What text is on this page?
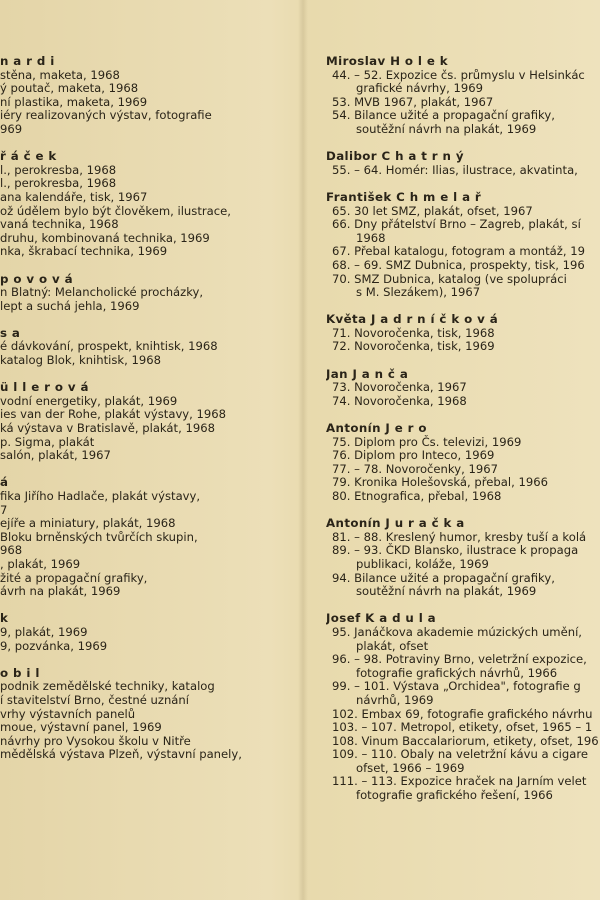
n a r d i
stěna, maketa, 1968
ý poutač, maketa, 1968
ní plastika, maketa, 1969
iéry realizovaných výstav, fotografie
969
ř á č e k
l., perokresba, 1968
l., perokresba, 1968
ana kalendáře, tisk, 1967
ož údělem bylo být člověkem, ilustrace,
vaná technika, 1968
druhu, kombinovaná technika, 1969
nka, škrabací technika, 1969
p o v o v á
n Blatný: Melancholické procházky,
lept a suchá jehla, 1969
s a
é dávkování, prospekt, knihtisk, 1968
katalog Blok, knihtisk, 1968
ü l l e r o v á
vodní energetiky, plakát, 1969
ies van der Rohe, plakát výstavy, 1968
ká výstava v Bratislavě, plakát, 1968
p. Sigma, plakát
salón, plakát, 1967
á
fika Jiřího Hadlače, plakát výstavy,
7
ejíře a miniatury, plakát, 1968
Bloku brněnských tvůrčích skupin,
968
, plakát, 1969
žité a propagační grafiky,
ávrh na plakát, 1969
k
9, plakát, 1969
9, pozvánka, 1969
o b i l
podnik zemědělské techniky, katalog
í stavitelství Brno, čestné uznání
vrhy výstavních panelů
moue, výstavní panel, 1969
návrhy pro Vysokou školu v Nitře
mědělská výstava Plzeň, výstavní panely,
Miroslav H o l e k
44. – 52. Expozice čs. průmyslu v Helsinkác
grafické návrhy, 1969
53. MVB 1967, plakát, 1967
54. Bilance užité a propagační grafiky,
soutěžní návrh na plakát, 1969
Dalibor C h a t r n ý
55. – 64. Homér: Ilias, ilustrace, akvatinta,
František C h m e l a ř
65. 30 let SMZ, plakát, ofset, 1967
66. Dny přátelství Brno – Zagreb, plakát, sí
1968
67. Přebal katalogu, fotogram a montáž, 19
68. – 69. SMZ Dubnica, prospekty, tisk, 196
70. SMZ Dubnica, katalog (ve spolupráci
s M. Slezákem), 1967
Květa J a d r n í č k o v á
71. Novoročenka, tisk, 1968
72. Novoročenka, tisk, 1969
Jan J a n č a
73. Novoročenka, 1967
74. Novoročenka, 1968
Antonín J e r o
75. Diplom pro Čs. televizi, 1969
76. Diplom pro Inteco, 1969
77. – 78. Novoročenky, 1967
79. Kronika Holešovská, přebal, 1966
80. Etnografica, přebal, 1968
Antonín J u r a č k a
81. – 88. Kreslený humor, kresby tuší a kolá
89. – 93. ČKD Blansko, ilustrace k propaga
publikaci, koláže, 1969
94. Bilance užité a propagační grafiky,
soutěžní návrh na plakát, 1969
Josef K a d u l a
95. Janáčkova akademie múzických umění,
plakát, ofset
96. – 98. Potraviny Brno, veletržní expozice,
fotografie grafických návrhů, 1966
99. – 101. Výstava „Orchidea", fotografie g
návrhů, 1969
102. Embax 69, fotografie grafického návrhu
103. – 107. Metropol, etikety, ofset, 1965 – 1
108. Vinum Baccalariorum, etikety, ofset, 196
109. – 110. Obaly na veletržní kávu a cigare
ofset, 1966 – 1969
111. – 113. Expozice hraček na Jarním velet
fotografie grafického řešení, 1966
